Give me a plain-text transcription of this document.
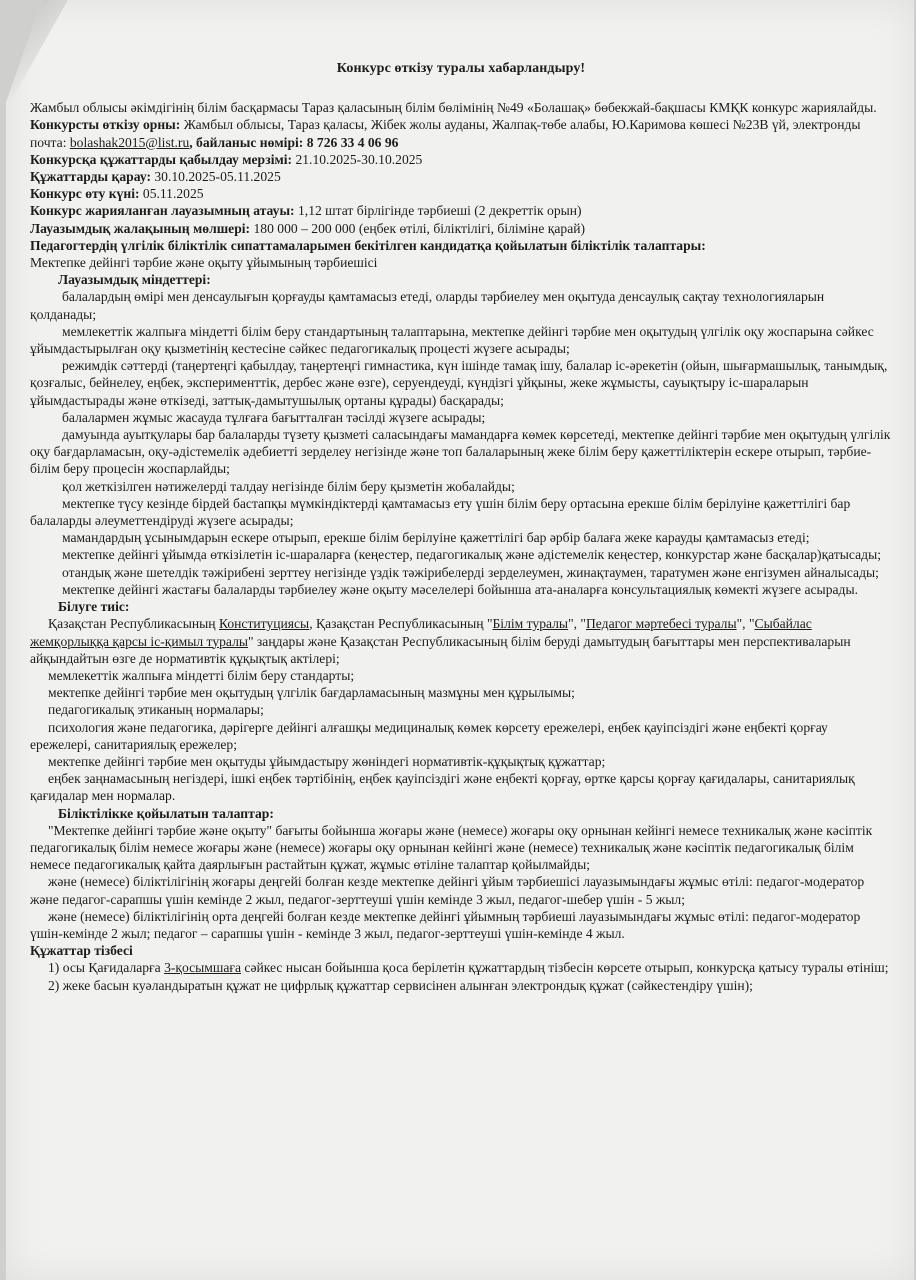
Конкурс өткізу туралы хабарландыру!

Жамбыл облысы әкімдігінің білім басқармасы Тараз қаласының білім бөлімінің №49 «Болашақ» бөбекжай-бақшасы КМҚК конкурс жариялайды.

Конкурсты өткізу орны: Жамбыл облысы, Тараз қаласы, Жібек жолы ауданы, Жалпақ-төбе алабы, Ю.Каримова көшесі №23В үй, электронды почта: bolashak2015@list.ru, байланыс нөмірі: 8 726 33 4 06 96

Конкурсқа құжаттарды қабылдау мерзімі: 21.10.2025-30.10.2025

Құжаттарды қарау: 30.10.2025-05.11.2025

Конкурс өту күні: 05.11.2025

Конкурс жарияланған лауазымның атауы: 1,12 штат бірлігінде тәрбиеші (2 декреттік орын)

Лауазымдық жалақының мөлшері: 180 000 – 200 000 (еңбек өтілі, біліктілігі, біліміне қарай)

Педагогтердің үлгілік біліктілік сипаттамаларымен бекітілген кандидатқа қойылатын біліктілік талаптары:

Мектепке дейінгі тәрбие және оқыту ұйымының тәрбиешісі

Лауазымдық міндеттері:

балалардың өмірі мен денсаулығын қорғауды қамтамасыз етеді, оларды тәрбиелеу мен оқытуда денсаулық сақтау технологияларын қолданады;

мемлекеттік жалпыға міндетті білім беру стандартының талаптарына, мектепке дейінгі тәрбие мен оқытудың үлгілік оқу жоспарына сәйкес ұйымдастырылған оқу қызметінің кестесіне сәйкес педагогикалық процесті жүзеге асырады;

режимдік сәттерді (таңертеңгі қабылдау, таңертеңгі гимнастика, күн ішінде тамақ ішу, балалар іс-әрекетін (ойын, шығармашылық, танымдық, қозғалыс, бейнелеу, еңбек, эксперименттік, дербес және өзге), серуендеуді, күндізгі ұйқыны, жеке жұмысты, сауықтыру іс-шараларын ұйымдастырады және өткізеді, заттық-дамытушылық ортаны құрады) басқарады;

балалармен жұмыс жасауда тұлғаға бағытталған тәсілді жүзеге асырады;

дамуында ауытқулары бар балаларды түзету қызметі саласындағы мамандарға көмек көрсетеді, мектепке дейінгі тәрбие мен оқытудың үлгілік оқу бағдарламасын, оқу-әдістемелік әдебиетті зерделеу негізінде және топ балаларының жеке білім беру қажеттіліктерін ескере отырып, тәрбие-білім беру процесін жоспарлайды;

қол жеткізілген нәтижелерді талдау негізінде білім беру қызметін жобалайды;

мектепке түсу кезінде бірдей бастапқы мүмкіндіктерді қамтамасыз ету үшін білім беру ортасына ерекше білім берілуіне қажеттілігі бар балаларды әлеуметтендіруді жүзеге асырады;

мамандардың ұсынымдарын ескере отырып, ерекше білім берілуіне қажеттілігі бар әрбір балаға жеке карауды қамтамасыз етеді;

мектепке дейінгі ұйымда өткізілетін іс-шараларға (кеңестер, педагогикалық және әдістемелік кеңестер, конкурстар және басқалар)қатысады;

отандық және шетелдік тәжірибені зерттеу негізінде үздік тәжірибелерді зерделеумен, жинақтаумен, таратумен және енгізумен айналысады;

мектепке дейінгі жастағы балаларды тәрбиелеу және оқыту мәселелері бойынша ата-аналарға консультациялық көмекті жүзеге асырады.

Білуге тиіс:

Қазақстан Республикасының Конституциясы, Қазақстан Республикасының "Білім туралы", "Педагог мәртебесі туралы", "Сыбайлас жемқорлыққа қарсы іс-қимыл туралы" заңдары және Қазақстан Республикасының білім беруді дамытудың бағыттары мен перспективаларын айқындайтын өзге де нормативтік құқықтық актілері;

мемлекеттік жалпыға міндетті білім беру стандарты;

мектепке дейінгі тәрбие мен оқытудың үлгілік бағдарламасының мазмұны мен құрылымы;

педагогикалық этиканың нормалары;

психология және педагогика, дәрігерге дейінгі алғашқы медициналық көмек көрсету ережелері, еңбек қауіпсіздігі және еңбекті қорғау ережелері, санитариялық ережелер;

мектепке дейінгі тәрбие мен оқытуды ұйымдастыру жөніндегі нормативтік-құқықтық құжаттар;

еңбек заңнамасының негіздері, ішкі еңбек тәртібінің, еңбек қауіпсіздігі және еңбекті қорғау, өртке қарсы қорғау қағидалары, санитариялық қағидалар мен нормалар.

Біліктілікке қойылатын талаптар:

"Мектепке дейінгі тәрбие және оқыту" бағыты бойынша жоғары және (немесе) жоғары оқу орнынан кейінгі немесе техникалық және кәсіптік педагогикалық білім немесе жоғары және (немесе) жоғары оқу орнынан кейінгі және (немесе) техникалық және кәсіптік педагогикалық білім немесе педагогикалық қайта даярлығын растайтын құжат, жұмыс өтіліне талаптар қойылмайды;

және (немесе) біліктілігінің жоғары деңгейі болған кезде мектепке дейінгі ұйым тәрбиешісі лауазымындағы жұмыс өтілі: педагог-модератор және педагог-сарапшы үшін кемінде 2 жыл, педагог-зерттеуші үшін кемінде 3 жыл, педагог-шебер үшін - 5 жыл;

және (немесе) біліктілігінің орта деңгейі болған кезде мектепке дейінгі ұйымның тәрбиеші лауазымындағы жұмыс өтілі: педагог-модератор үшін-кемінде 2 жыл; педагог – сарапшы үшін - кемінде 3 жыл, педагог-зерттеуші үшін-кемінде 4 жыл.

Құжаттар тізбесі

1) осы Қағидаларға 3-қосымшаға сәйкес нысан бойынша қоса берілетін құжаттардың тізбесін көрсете отырып, конкурсқа қатысу туралы өтініш;

2) жеке басын куәландыратын құжат не цифрлық құжаттар сервисінен алынған электрондық құжат (сәйкестендіру үшін);
